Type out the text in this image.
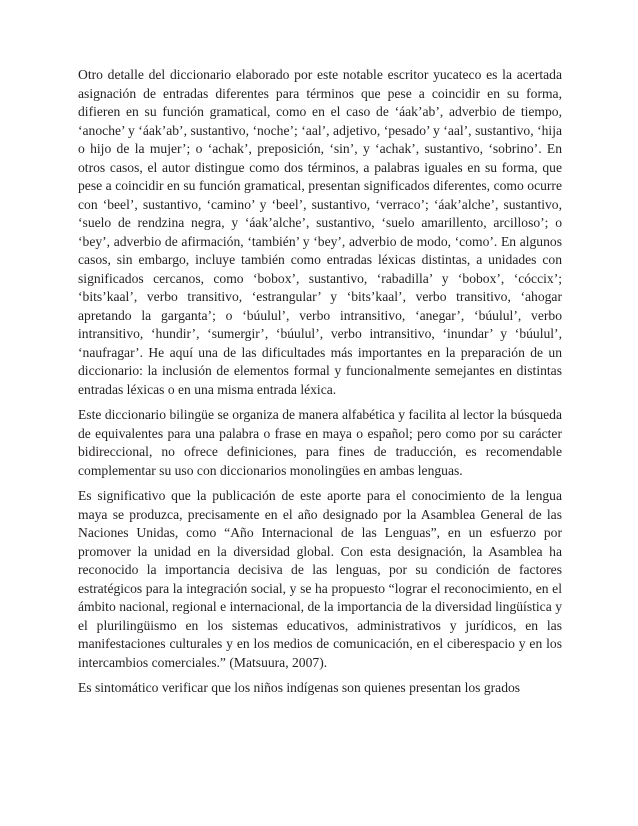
Otro detalle del diccionario elaborado por este notable escritor yucateco es la acertada asignación de entradas diferentes para términos que pese a coincidir en su forma, difieren en su función gramatical, como en el caso de ‘áak’ab’, adverbio de tiempo, ‘anoche’ y ‘áak’ab’, sustantivo, ‘noche’; ‘aal’, adjetivo, ‘pesado’ y ‘aal’, sustantivo, ‘hija o hijo de la mujer’; o ‘achak’, preposición, ‘sin’, y ‘achak’, sustantivo, ‘sobrino’. En otros casos, el autor distingue como dos términos, a palabras iguales en su forma, que pese a coincidir en su función gramatical, presentan significados diferentes, como ocurre con ‘beel’, sustantivo, ‘camino’ y ‘beel’, sustantivo, ‘verraco’; ‘áak’alche’, sustantivo, ‘suelo de rendzina negra, y ‘áak’alche’, sustantivo, ‘suelo amarillento, arcilloso’; o ‘bey’, adverbio de afirmación, ‘también’ y ‘bey’, adverbio de modo, ‘como’. En algunos casos, sin embargo, incluye también como entradas léxicas distintas, a unidades con significados cercanos, como ‘bobox’, sustantivo, ‘rabadilla’ y ‘bobox’, ‘cóccix’; ‘bits’kaal’, verbo transitivo, ‘estrangular’ y ‘bits’kaal’, verbo transitivo, ‘ahogar apretando la garganta’; o ‘búulul’, verbo intransitivo, ‘anegar’, ‘búulul’, verbo intransitivo, ‘hundir’, ‘sumergir’, ‘búulul’, verbo intransitivo, ‘inundar’ y ‘búulul’, ‘naufragar’. He aquí una de las dificultades más importantes en la preparación de un diccionario: la inclusión de elementos formal y funcionalmente semejantes en distintas entradas léxicas o en una misma entrada léxica.

Este diccionario bilingüe se organiza de manera alfabética y facilita al lector la búsqueda de equivalentes para una palabra o frase en maya o español; pero como por su carácter bidireccional, no ofrece definiciones, para fines de traducción, es recomendable complementar su uso con diccionarios monolingües en ambas lenguas.

Es significativo que la publicación de este aporte para el conocimiento de la lengua maya se produzca, precisamente en el año designado por la Asamblea General de las Naciones Unidas, como “Año Internacional de las Lenguas”, en un esfuerzo por promover la unidad en la diversidad global. Con esta designación, la Asamblea ha reconocido la importancia decisiva de las lenguas, por su condición de factores estratégicos para la integración social, y se ha propuesto “lograr el reconocimiento, en el ámbito nacional, regional e internacional, de la importancia de la diversidad lingüística y el plurilingüismo en los sistemas educativos, administrativos y jurídicos, en las manifestaciones culturales y en los medios de comunicación, en el ciberespacio y en los intercambios comerciales.” (Matsuura, 2007).

Es sintomático verificar que los niños indígenas son quienes presentan los grados
